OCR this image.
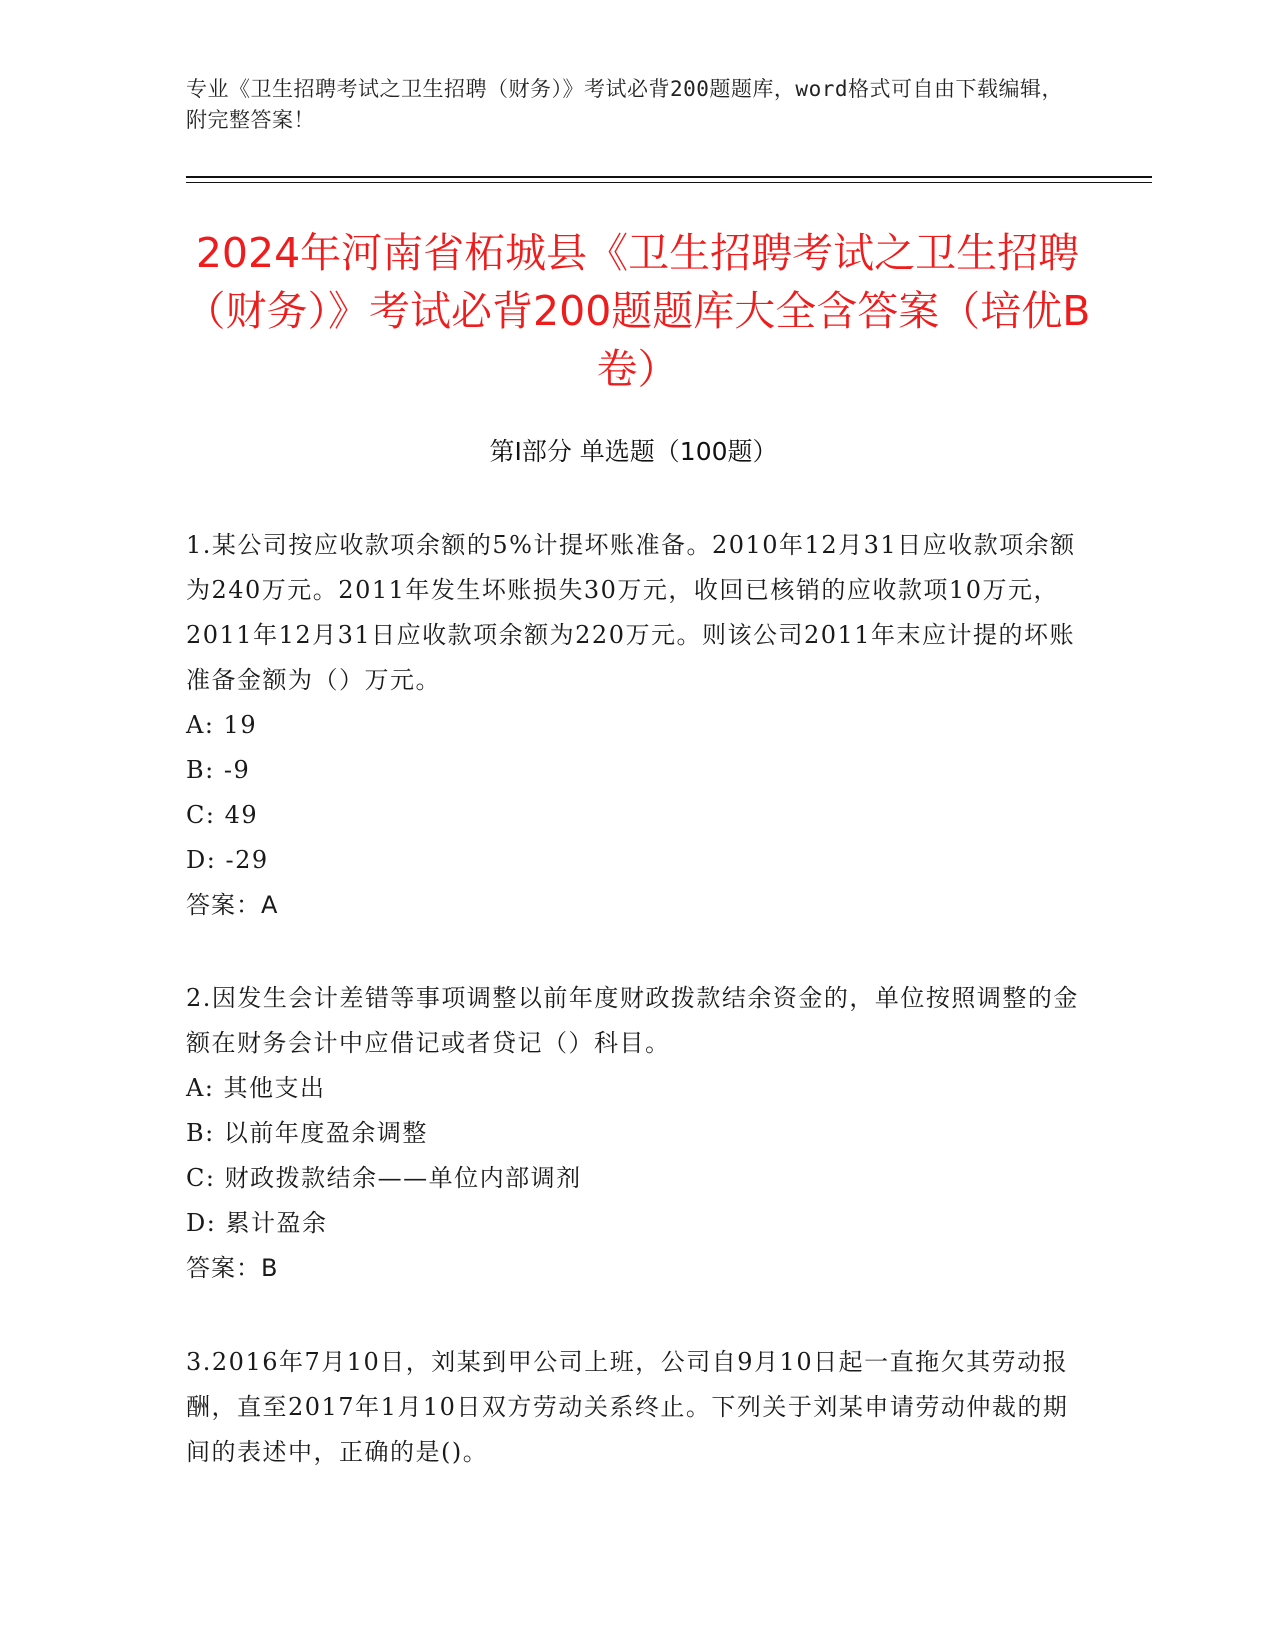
专业《卫生招聘考试之卫生招聘（财务）》考试必背200题题库，word格式可自由下载编辑，附完整答案！
2024年河南省柘城县《卫生招聘考试之卫生招聘（财务）》考试必背200题题库大全含答案（培优B卷）
第Ⅰ部分 单选题（100题）

1.某公司按应收款项余额的5%计提坏账准备。2010年12月31日应收款项余额为240万元。2011年发生坏账损失30万元，收回已核销的应收款项10万元，2011年12月31日应收款项余额为220万元。则该公司2011年末应计提的坏账准备金额为（）万元。

A: 19

B: -9

C: 49

D: -29

答案：A

2.因发生会计差错等事项调整以前年度财政拨款结余资金的，单位按照调整的金额在财务会计中应借记或者贷记（）科目。

A: 其他支出

B: 以前年度盈余调整

C: 财政拨款结余——单位内部调剂

D: 累计盈余

答案：B

3.2016年7月10日，刘某到甲公司上班，公司自9月10日起一直拖欠其劳动报酬，直至2017年1月10日双方劳动关系终止。下列关于刘某申请劳动仲裁的期间的表述中，正确的是()。
